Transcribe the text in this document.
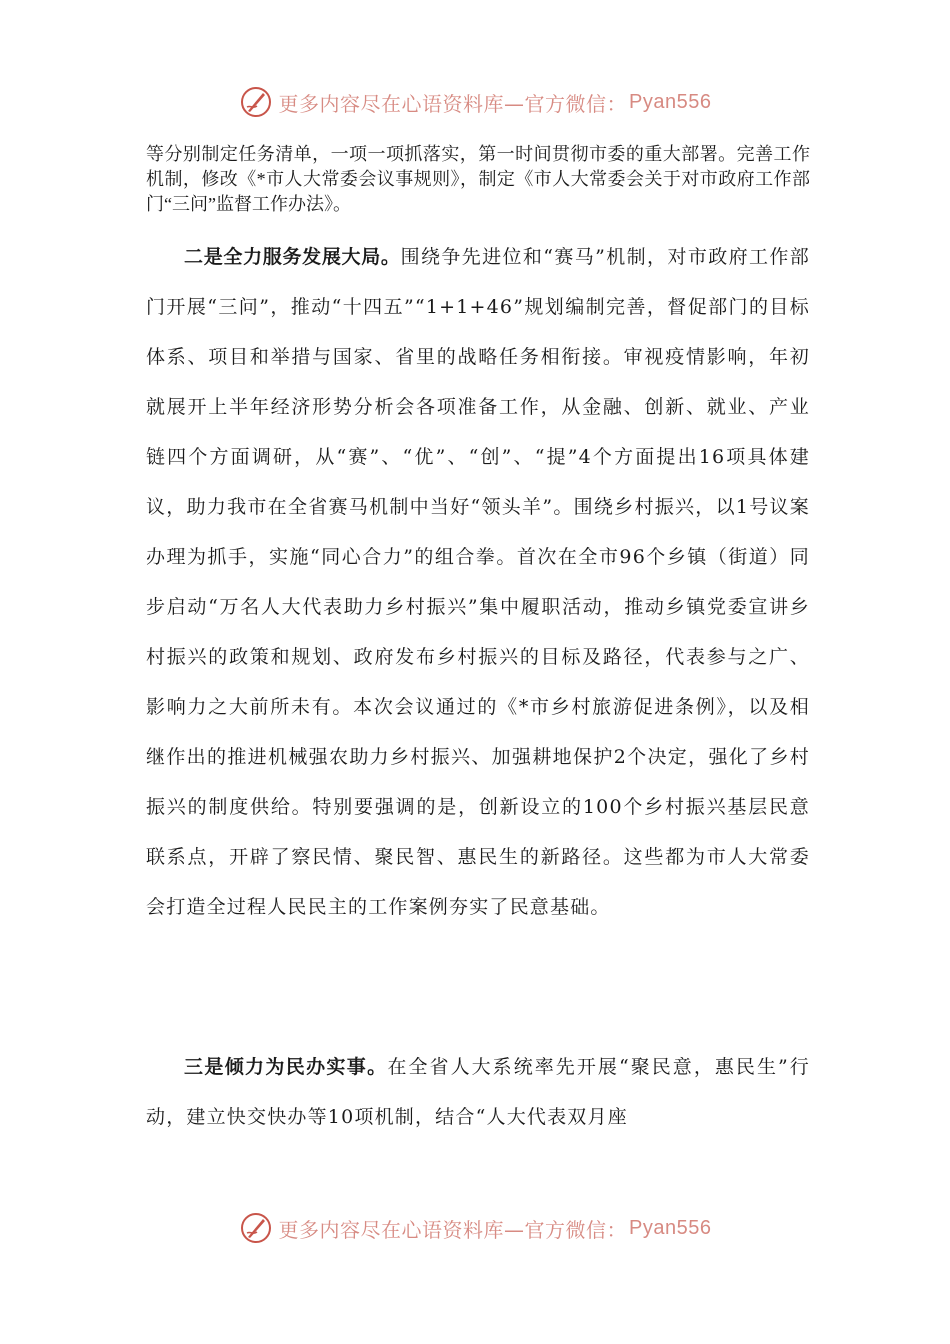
更多内容尽在心语资料库—官方微信： Pyan556

等分别制定任务清单，一项一项抓落实，第一时间贯彻市委的重大部署。完善工作机制，修改《*市人大常委会议事规则》，制定《市人大常委会关于对市政府工作部门“三问”监督工作办法》。

二是全力服务发展大局。围绕争先进位和“赛马”机制，对市政府工作部门开展“三问”，推动“十四五”“1+1+46”规划编制完善，督促部门的目标体系、项目和举措与国家、省里的战略任务相衔接。审视疫情影响，年初就展开上半年经济形势分析会各项准备工作，从金融、创新、就业、产业链四个方面调研，从“赛”、“优”、“创”、“提”4个方面提出16项具体建议，助力我市在全省赛马机制中当好“领头羊”。围绕乡村振兴，以1号议案办理为抓手，实施“同心合力”的组合拳。首次在全市96个乡镇（街道）同步启动“万名人大代表助力乡村振兴”集中履职活动，推动乡镇党委宣讲乡村振兴的政策和规划、政府发布乡村振兴的目标及路径，代表参与之广、影响力之大前所未有。本次会议通过的《*市乡村旅游促进条例》，以及相继作出的推进机械强农助力乡村振兴、加强耕地保护2个决定，强化了乡村振兴的制度供给。特别要强调的是，创新设立的100个乡村振兴基层民意联系点，开辟了察民情、聚民智、惠民生的新路径。这些都为市人大常委会打造全过程人民民主的工作案例夯实了民意基础。

三是倾力为民办实事。在全省人大系统率先开展“聚民意，惠民生”行动，建立快交快办等10项机制，结合“人大代表双月座

更多内容尽在心语资料库—官方微信： Pyan556
